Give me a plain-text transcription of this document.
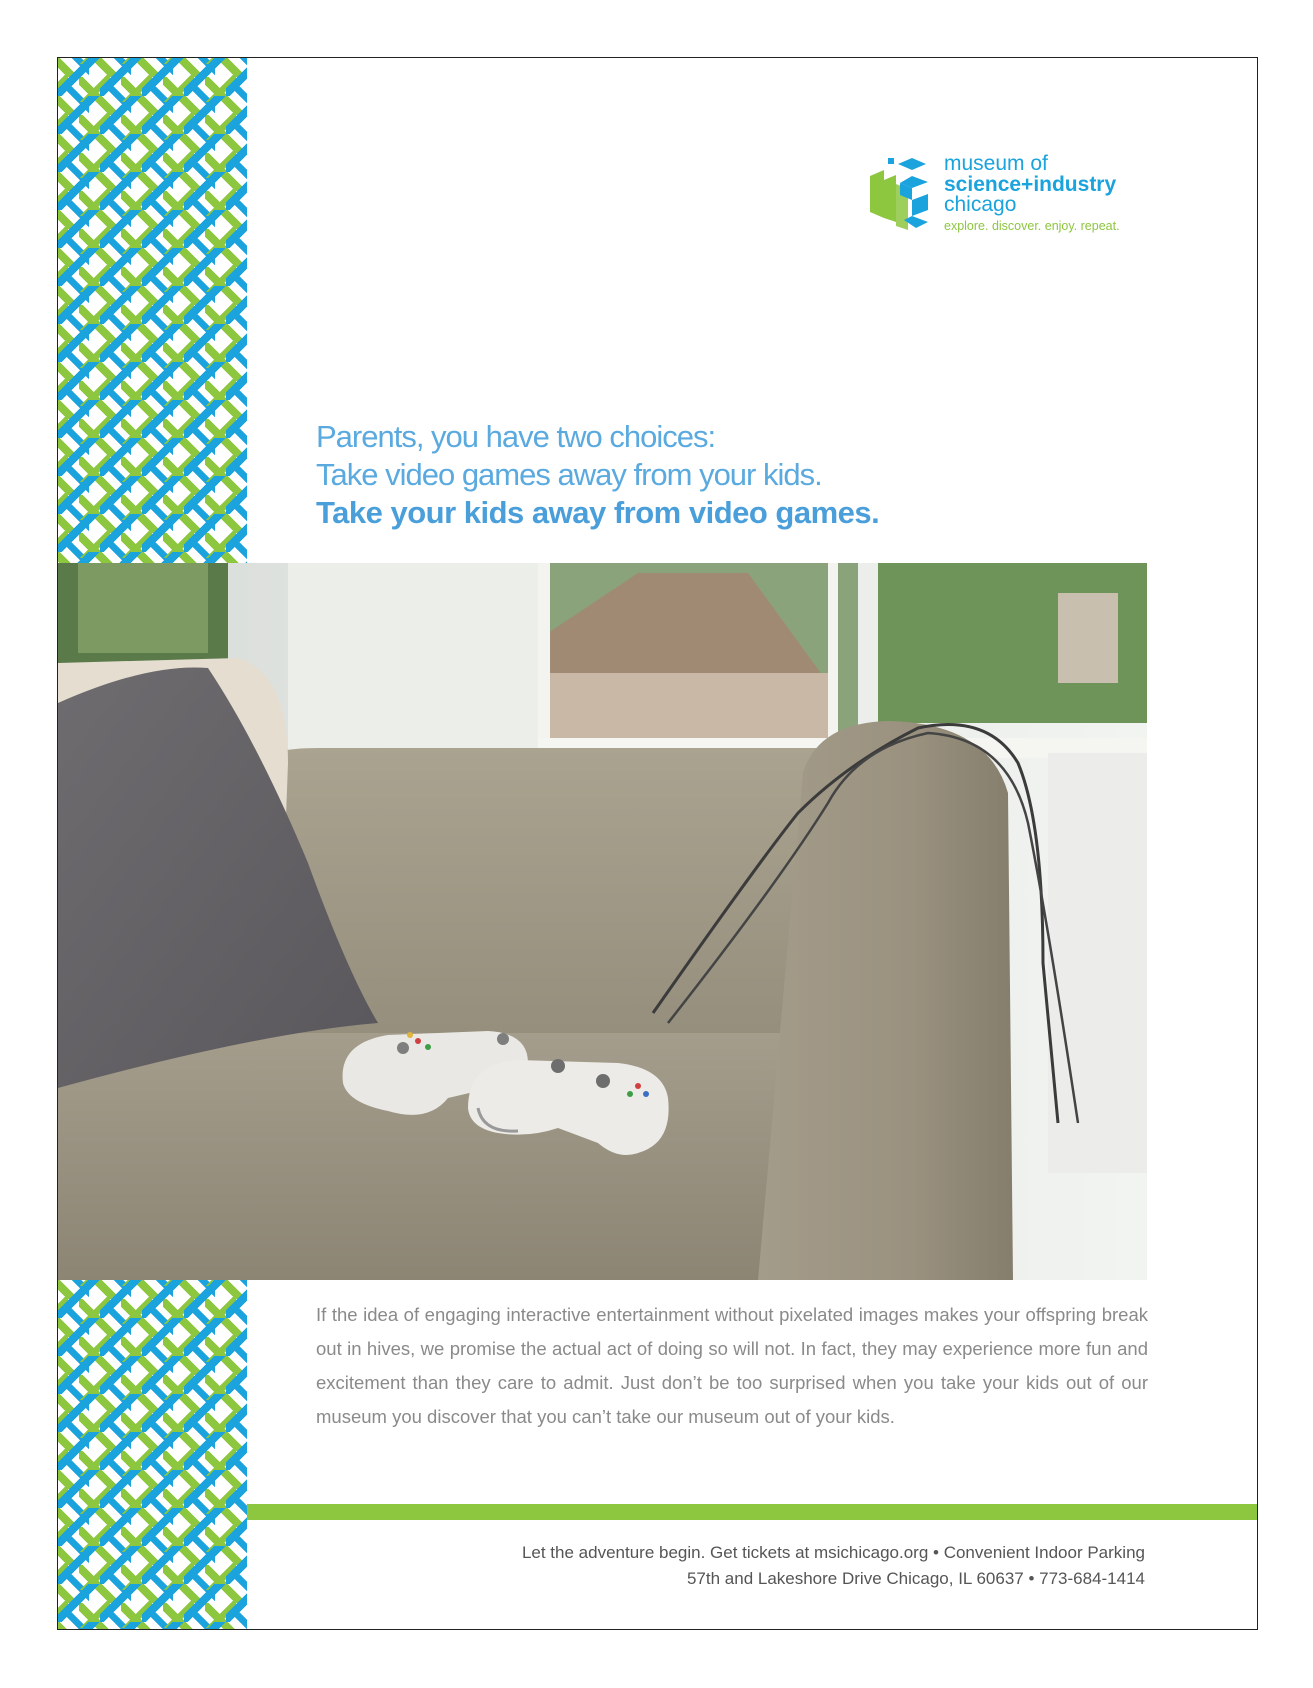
museum of
science+industry
chicago
explore. discover. enjoy. repeat.
Parents, you have two choices:
Take video games away from your kids.
Take your kids away from video games.
If the idea of engaging interactive entertainment without pixelated images makes your offspring break out in hives, we promise the actual act of doing so will not. In fact, they may experience more fun and excitement than they care to admit. Just don’t be too surprised when you take your kids out of our museum you discover that you can’t take our museum out of your kids.
Let the adventure begin. Get tickets at msichicago.org • Convenient Indoor Parking
57th and Lakeshore Drive Chicago, IL 60637 • 773-684-1414
